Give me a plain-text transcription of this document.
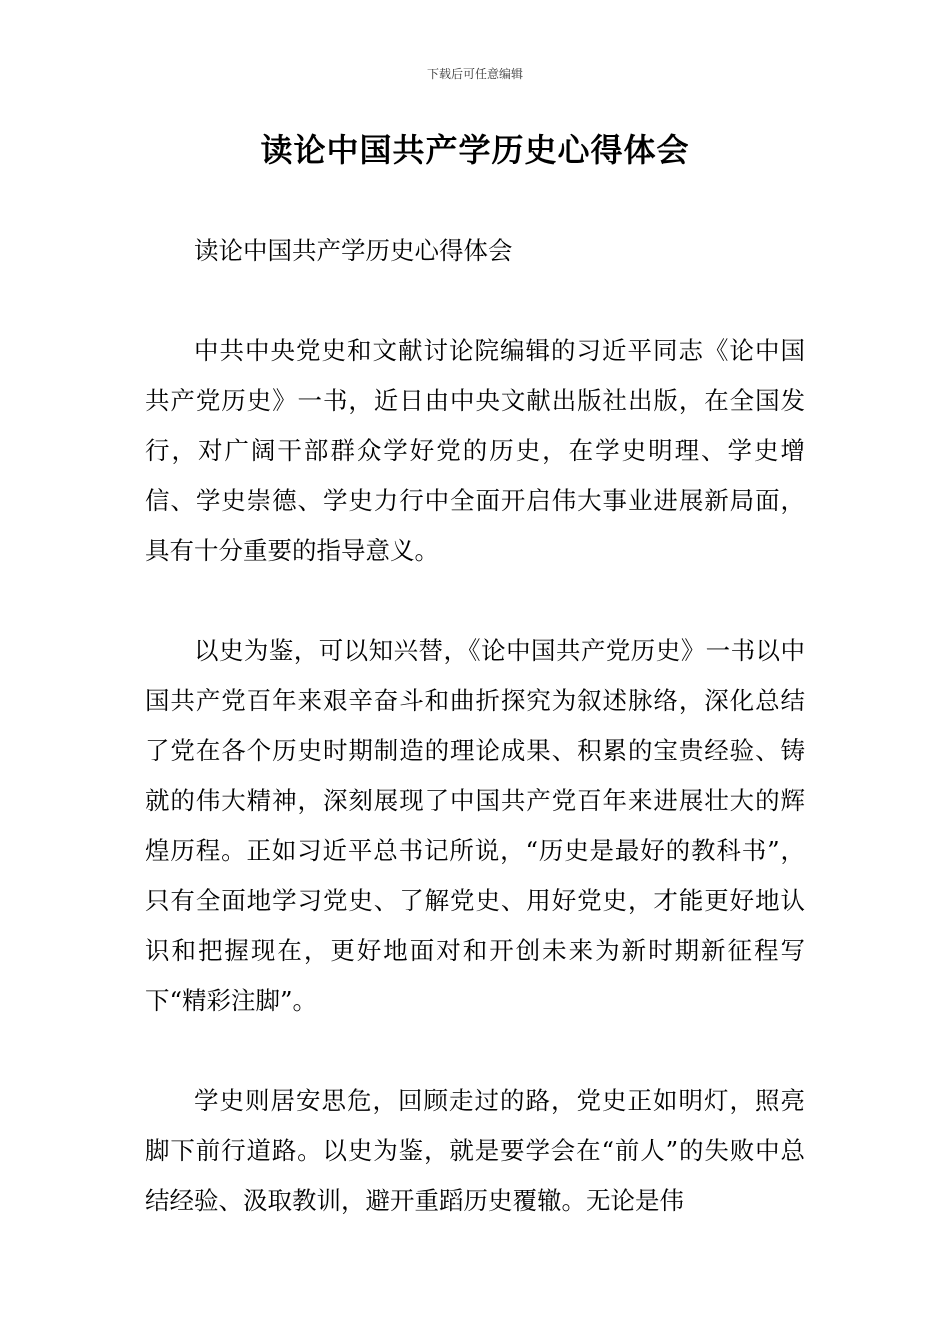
下载后可任意编辑
读论中国共产学历史心得体会

读论中国共产学历史心得体会

中共中央党史和文献讨论院编辑的习近平同志《论中国共产党历史》一书，近日由中央文献出版社出版，在全国发行，对广阔干部群众学好党的历史，在学史明理、学史增信、学史崇德、学史力行中全面开启伟大事业进展新局面，具有十分重要的指导意义。

以史为鉴，可以知兴替，《论中国共产党历史》一书以中国共产党百年来艰辛奋斗和曲折探究为叙述脉络，深化总结了党在各个历史时期制造的理论成果、积累的宝贵经验、铸就的伟大精神，深刻展现了中国共产党百年来进展壮大的辉煌历程。正如习近平总书记所说，“历史是最好的教科书”，只有全面地学习党史、了解党史、用好党史，才能更好地认识和把握现在，更好地面对和开创未来为新时期新征程写下“精彩注脚”。

学史则居安思危，回顾走过的路，党史正如明灯，照亮脚下前行道路。以史为鉴，就是要学会在“前人”的失败中总结经验、汲取教训，避开重蹈历史覆辙。无论是伟
